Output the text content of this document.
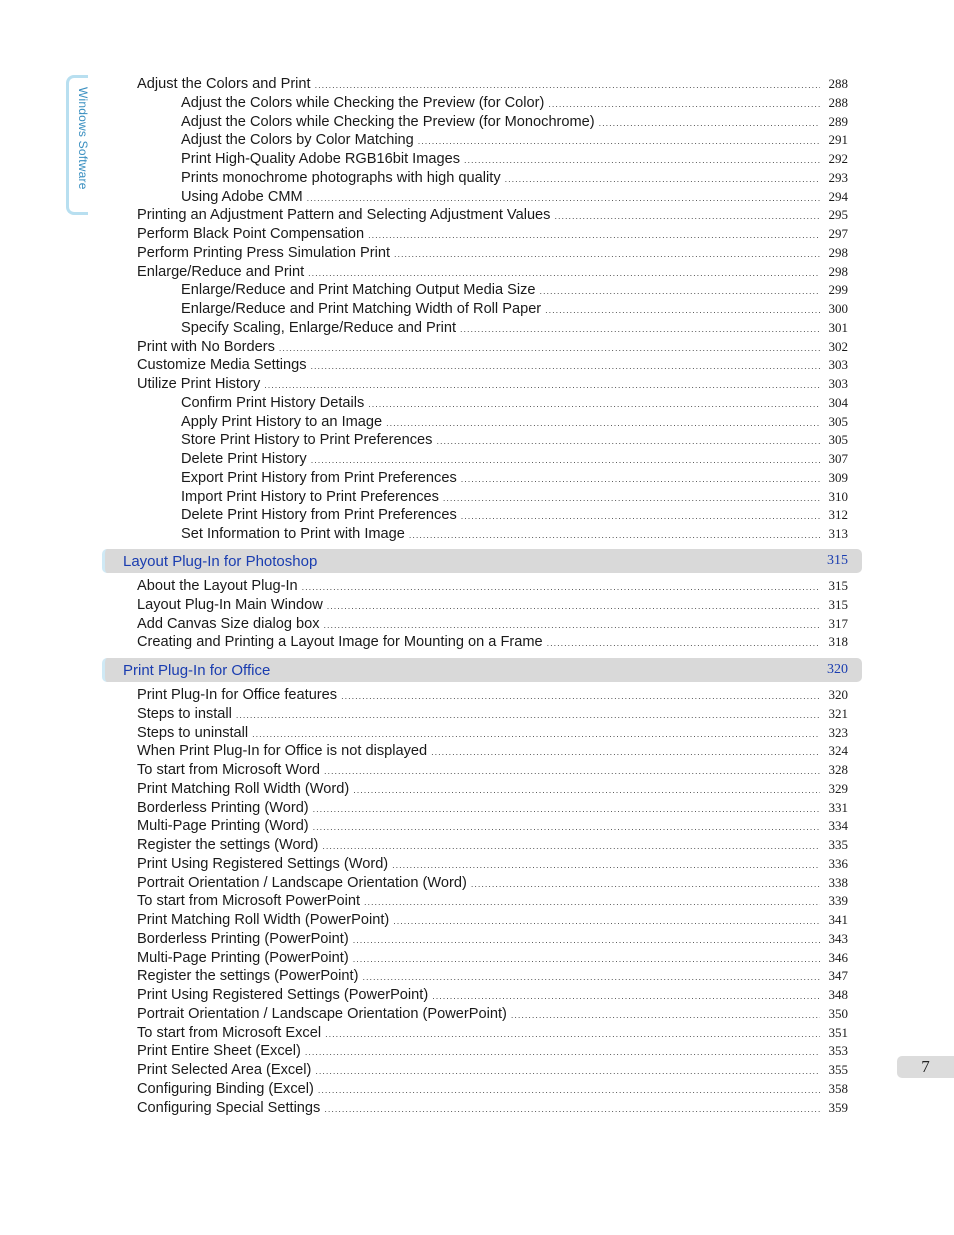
Windows Software
Adjust the Colors and Print .....	288
Adjust the Colors while Checking the Preview (for Color) .....	288
Adjust the Colors while Checking the Preview (for Monochrome) .....	289
Adjust the Colors by Color Matching .....	291
Print High-Quality Adobe RGB16bit Images .....	292
Prints monochrome photographs with high quality .....	293
Using Adobe CMM .....	294
Printing an Adjustment Pattern and Selecting Adjustment Values .....	295
Perform Black Point Compensation .....	297
Perform Printing Press Simulation Print .....	298
Enlarge/Reduce and Print .....	298
Enlarge/Reduce and Print Matching Output Media Size .....	299
Enlarge/Reduce and Print Matching Width of Roll Paper .....	300
Specify Scaling, Enlarge/Reduce and Print .....	301
Print with No Borders .....	302
Customize Media Settings .....	303
Utilize Print History .....	303
Confirm Print History Details .....	304
Apply Print History to an Image .....	305
Store Print History to Print Preferences .....	305
Delete Print History .....	307
Export Print History from Print Preferences .....	309
Import Print History to Print Preferences .....	310
Delete Print History from Print Preferences .....	312
Set Information to Print with Image .....	313
Layout Plug-In for Photoshop	315
About the Layout Plug-In .....	315
Layout Plug-In Main Window .....	315
Add Canvas Size dialog box .....	317
Creating and Printing a Layout Image for Mounting on a Frame .....	318
Print Plug-In for Office	320
Print Plug-In for Office features .....	320
Steps to install .....	321
Steps to uninstall .....	323
When Print Plug-In for Office is not displayed .....	324
To start from Microsoft Word .....	328
Print Matching Roll Width (Word) .....	329
Borderless Printing (Word) .....	331
Multi-Page Printing (Word) .....	334
Register the settings (Word) .....	335
Print Using Registered Settings (Word) .....	336
Portrait Orientation / Landscape Orientation (Word) .....	338
To start from Microsoft PowerPoint .....	339
Print Matching Roll Width (PowerPoint) .....	341
Borderless Printing (PowerPoint) .....	343
Multi-Page Printing (PowerPoint) .....	346
Register the settings (PowerPoint) .....	347
Print Using Registered Settings (PowerPoint) .....	348
Portrait Orientation / Landscape Orientation (PowerPoint) .....	350
To start from Microsoft Excel .....	351
Print Entire Sheet (Excel) .....	353
Print Selected Area (Excel) .....	355
Configuring Binding (Excel) .....	358
Configuring Special Settings .....	359
7
